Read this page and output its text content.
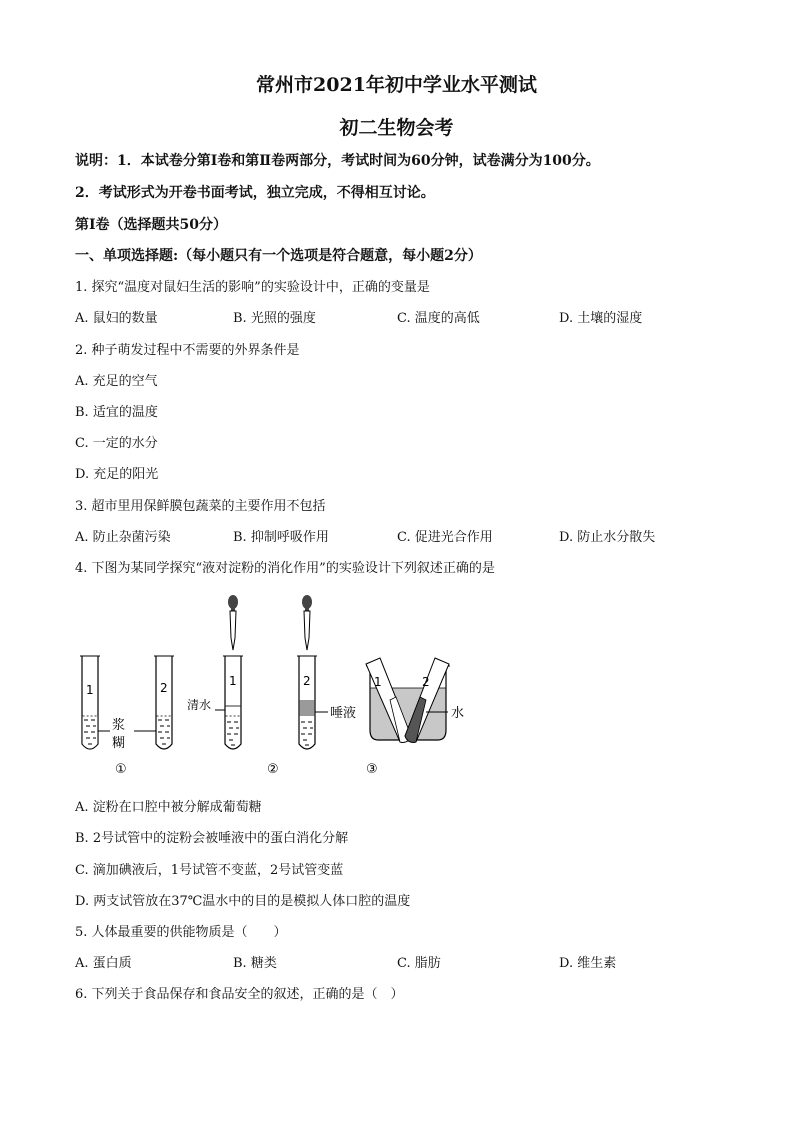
常州市2021年初中学业水平测试
初二生物会考
说明：1．本试卷分第Ⅰ卷和第Ⅱ卷两部分，考试时间为60分钟，试卷满分为100分。
2．考试形式为开卷书面考试，独立完成，不得相互讨论。
第Ⅰ卷（选择题共50分）
一、单项选择题:（每小题只有一个选项是符合题意，每小题2分）
1. 探究“温度对鼠妇生活的影响”的实验设计中，正确的变量是
A. 鼠妇的数量	B. 光照的强度	C. 温度的高低	D. 土壤的湿度
2. 种子萌发过程中不需要的外界条件是
A. 充足的空气
B. 适宜的温度
C. 一定的水分
D. 充足的阳光
3. 超市里用保鲜膜包蔬菜的主要作用不包括
A. 防止杂菌污染	B. 抑制呼吸作用	C. 促进光合作用	D. 防止水分散失
4. 下图为某同学探究“液对淀粉的消化作用”的实验设计下列叙述正确的是
1	2
浆
糊
①
1
清水
2
唾液
②
1	2
水
③
A. 淀粉在口腔中被分解成葡萄糖
B. 2号试管中的淀粉会被唾液中的蛋白消化分解
C. 滴加碘液后，1号试管不变蓝，2号试管变蓝
D. 两支试管放在37℃温水中的目的是模拟人体口腔的温度
5. 人体最重要的供能物质是（　　）
A. 蛋白质	B. 糖类	C. 脂肪	D. 维生素
6. 下列关于食品保存和食品安全的叙述，正确的是（　）
